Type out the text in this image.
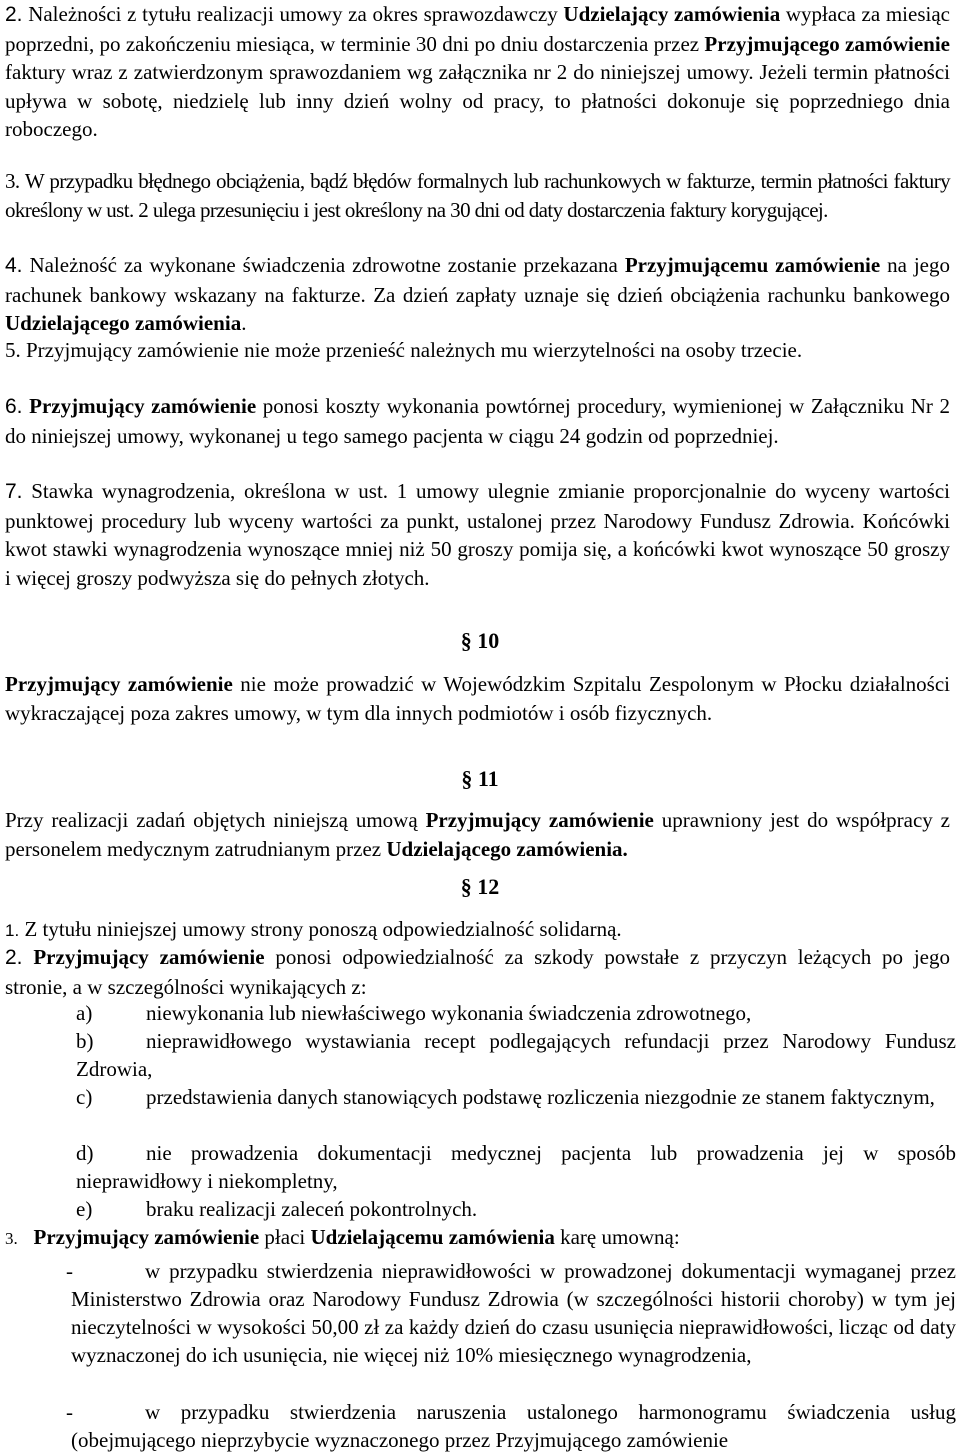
2. Należności z tytułu realizacji umowy za okres sprawozdawczy Udzielający zamówienia wypłaca za miesiąc poprzedni, po zakończeniu miesiąca, w terminie 30 dni po dniu dostarczenia przez Przyjmującego zamówienie faktury wraz z zatwierdzonym sprawozdaniem wg załącznika nr 2 do niniejszej umowy. Jeżeli termin płatności upływa w sobotę, niedzielę lub inny dzień wolny od pracy, to płatności dokonuje się poprzedniego dnia roboczego.

3. W przypadku błędnego obciążenia, bądź błędów formalnych lub rachunkowych w fakturze, termin płatności faktury określony w ust. 2 ulega przesunięciu i jest określony na 30 dni od daty dostarczenia faktury korygującej.

4. Należność za wykonane świadczenia zdrowotne zostanie przekazana Przyjmującemu zamówienie na jego rachunek bankowy wskazany na fakturze. Za dzień zapłaty uznaje się dzień obciążenia rachunku bankowego Udzielającego zamówienia.

5. Przyjmujący zamówienie nie może przenieść należnych mu wierzytelności na osoby trzecie.

6. Przyjmujący zamówienie ponosi koszty wykonania powtórnej procedury, wymienionej w Załączniku Nr 2 do niniejszej umowy, wykonanej u tego samego pacjenta w ciągu 24 godzin od poprzedniej.

7. Stawka wynagrodzenia, określona w ust. 1 umowy ulegnie zmianie proporcjonalnie do wyceny wartości punktowej procedury lub wyceny wartości za punkt, ustalonej przez Narodowy Fundusz Zdrowia. Końcówki kwot stawki wynagrodzenia wynoszące mniej niż 50 groszy pomija się, a końcówki kwot wynoszące 50 groszy i więcej groszy podwyższa się do pełnych złotych.

§ 10

Przyjmujący zamówienie nie może prowadzić w Wojewódzkim Szpitalu Zespolonym w Płocku działalności wykraczającej poza zakres umowy, w tym dla innych podmiotów i osób fizycznych.

§ 11

Przy realizacji zadań objętych niniejszą umową Przyjmujący zamówienie uprawniony jest do współpracy z personelem medycznym zatrudnianym przez Udzielającego zamówienia.

§ 12

1. Z tytułu niniejszej umowy strony ponoszą odpowiedzialność solidarną.

2. Przyjmujący zamówienie ponosi odpowiedzialność za szkody powstałe z przyczyn leżących po jego stronie, a w szczególności wynikających z:

a)	niewykonania lub niewłaściwego wykonania świadczenia zdrowotnego,

b)	nieprawidłowego wystawiania recept podlegających refundacji przez Narodowy Fundusz Zdrowia,

c)	przedstawienia danych stanowiących podstawę rozliczenia niezgodnie ze stanem faktycznym,

d)	nie prowadzenia dokumentacji medycznej pacjenta lub prowadzenia jej w sposób nieprawidłowy i niekompletny,

e)	braku realizacji zaleceń pokontrolnych.

3. Przyjmujący zamówienie płaci Udzielającemu zamówienia karę umowną:

-	w przypadku stwierdzenia nieprawidłowości w prowadzonej dokumentacji wymaganej przez Ministerstwo Zdrowia oraz Narodowy Fundusz Zdrowia (w szczególności historii choroby) w tym jej nieczytelności w wysokości 50,00 zł za każdy dzień do czasu usunięcia nieprawidłowości, licząc od daty wyznaczonej do ich usunięcia, nie więcej niż 10% miesięcznego wynagrodzenia,

-	w przypadku stwierdzenia naruszenia ustalonego harmonogramu świadczenia usług (obejmującego nieprzybycie wyznaczonego przez Przyjmującego zamówienie
